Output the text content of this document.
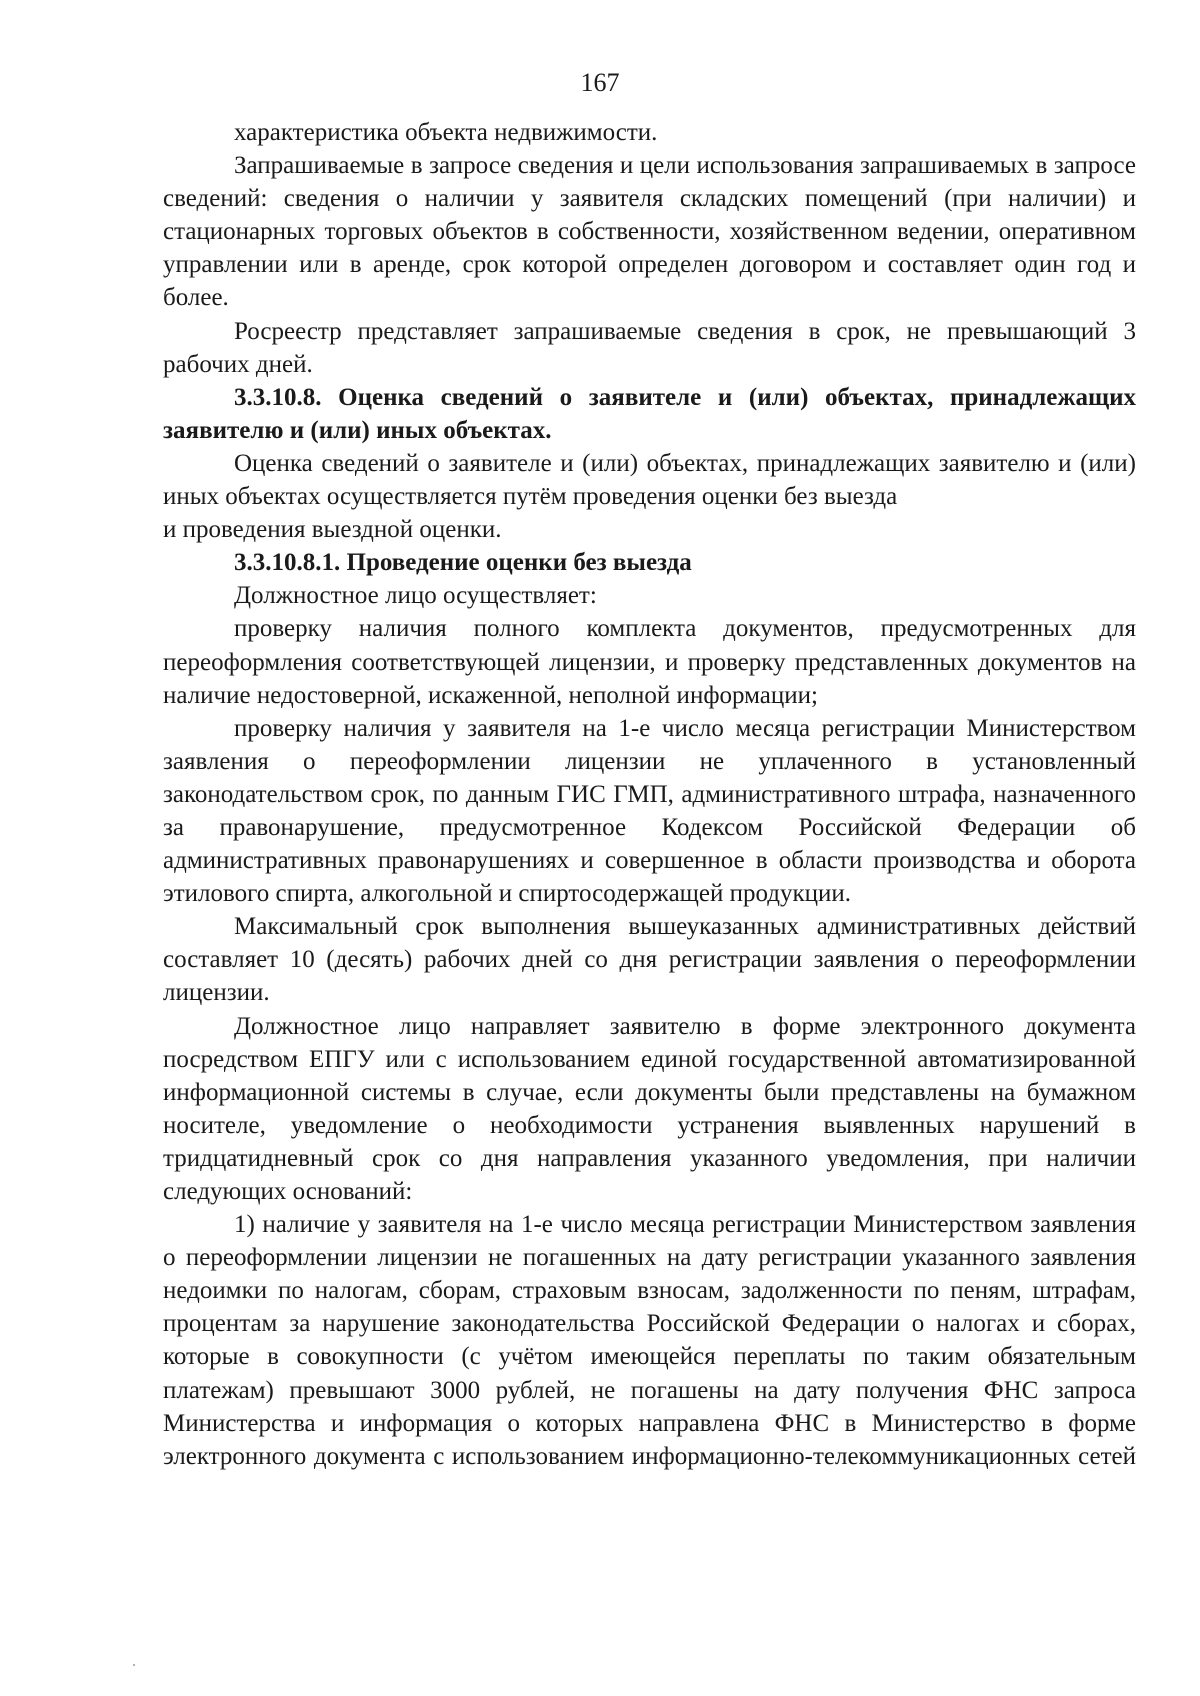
167

характеристика объекта недвижимости.

Запрашиваемые в запросе сведения и цели использования запрашиваемых в запросе сведений: сведения о наличии у заявителя складских помещений (при наличии) и стационарных торговых объектов в собственности, хозяйственном ведении, оперативном управлении или в аренде, срок которой определен договором и составляет один год и более.

Росреестр представляет запрашиваемые сведения в срок, не превышающий 3 рабочих дней.

3.3.10.8. Оценка сведений о заявителе и (или) объектах, принадлежащих заявителю и (или) иных объектах.

Оценка сведений о заявителе и (или) объектах, принадлежащих заявителю и (или) иных объектах осуществляется путём проведения оценки без выезда

и проведения выездной оценки.

3.3.10.8.1. Проведение оценки без выезда

Должностное лицо осуществляет:

проверку наличия полного комплекта документов, предусмотренных для переоформления соответствующей лицензии, и проверку представленных документов на наличие недостоверной, искаженной, неполной информации;

проверку наличия у заявителя на 1-е число месяца регистрации Министерством заявления о переоформлении лицензии не уплаченного в установленный законодательством срок, по данным ГИС ГМП, административного штрафа, назначенного за правонарушение, предусмотренное Кодексом Российской Федерации об административных правонарушениях и совершенное в области производства и оборота этилового спирта, алкогольной и спиртосодержащей продукции.

Максимальный срок выполнения вышеуказанных административных действий составляет 10 (десять) рабочих дней со дня регистрации заявления о переоформлении лицензии.

Должностное лицо направляет заявителю в форме электронного документа посредством ЕПГУ или с использованием единой государственной автоматизированной информационной системы в случае, если документы были представлены на бумажном носителе, уведомление о необходимости устранения выявленных нарушений в тридцатидневный срок со дня направления указанного уведомления, при наличии следующих оснований:

1) наличие у заявителя на 1-е число месяца регистрации Министерством заявления о переоформлении лицензии не погашенных на дату регистрации указанного заявления недоимки по налогам, сборам, страховым взносам, задолженности по пеням, штрафам, процентам за нарушение законодательства Российской Федерации о налогах и сборах, которые в совокупности (с учётом имеющейся переплаты по таким обязательным платежам) превышают 3000 рублей, не погашены на дату получения ФНС запроса Министерства и информация о которых направлена ФНС в Министерство в форме электронного документа с использованием информационно-телекоммуникационных сетей
